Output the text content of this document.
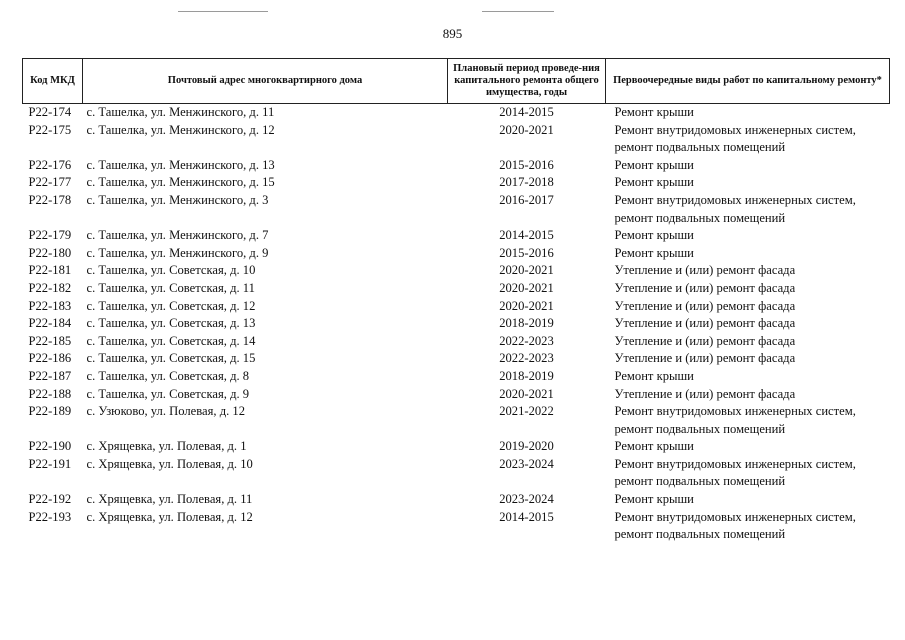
895
Код МКД	Почтовый адрес многоквартирного дома	Плановый период проведе-ния капитального ремонта общего имущества, годы	Первоочередные виды работ по капитальному ремонту*
Р22-174	с. Ташелка, ул. Менжинского, д. 11	2014-2015	Ремонт крыши

Р22-175	с. Ташелка, ул. Менжинского, д. 12	2020-2021	Ремонт внутридомовых инженерных систем,
ремонт подвальных помещений

Р22-176	с. Ташелка, ул. Менжинского, д. 13	2015-2016	Ремонт крыши

Р22-177	с. Ташелка, ул. Менжинского, д. 15	2017-2018	Ремонт крыши

Р22-178	с. Ташелка, ул. Менжинского, д. 3	2016-2017	Ремонт внутридомовых инженерных систем,
ремонт подвальных помещений

Р22-179	с. Ташелка, ул. Менжинского, д. 7	2014-2015	Ремонт крыши

Р22-180	с. Ташелка, ул. Менжинского, д. 9	2015-2016	Ремонт крыши

Р22-181	с. Ташелка, ул. Советская, д. 10	2020-2021	Утепление и (или) ремонт фасада

Р22-182	с. Ташелка, ул. Советская, д. 11	2020-2021	Утепление и (или) ремонт фасада

Р22-183	с. Ташелка, ул. Советская, д. 12	2020-2021	Утепление и (или) ремонт фасада

Р22-184	с. Ташелка, ул. Советская, д. 13	2018-2019	Утепление и (или) ремонт фасада

Р22-185	с. Ташелка, ул. Советская, д. 14	2022-2023	Утепление и (или) ремонт фасада

Р22-186	с. Ташелка, ул. Советская, д. 15	2022-2023	Утепление и (или) ремонт фасада

Р22-187	с. Ташелка, ул. Советская, д. 8	2018-2019	Ремонт крыши

Р22-188	с. Ташелка, ул. Советская, д. 9	2020-2021	Утепление и (или) ремонт фасада

Р22-189	с. Узюково, ул. Полевая, д. 12	2021-2022	Ремонт внутридомовых инженерных систем,
ремонт подвальных помещений

Р22-190	с. Хрящевка, ул. Полевая, д. 1	2019-2020	Ремонт крыши

Р22-191	с. Хрящевка, ул. Полевая, д. 10	2023-2024	Ремонт внутридомовых инженерных систем,
ремонт подвальных помещений

Р22-192	с. Хрящевка, ул. Полевая, д. 11	2023-2024	Ремонт крыши

Р22-193	с. Хрящевка, ул. Полевая, д. 12	2014-2015	Ремонт внутридомовых инженерных систем,
ремонт подвальных помещений
